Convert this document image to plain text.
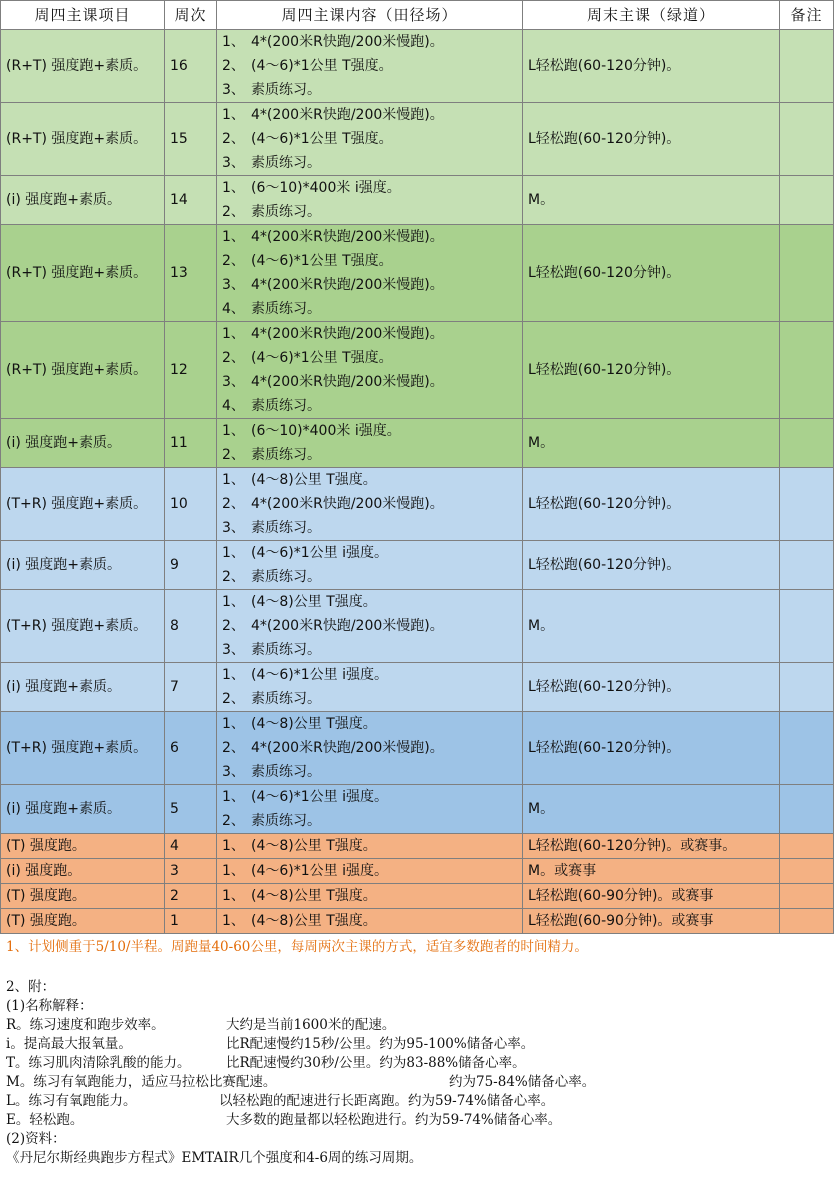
周四主课项目	周次	周四主课内容（田径场）	周末主课（绿道）	备注
(R+T) 强度跑+素质。	16	1、 4*(200米R快跑/200米慢跑)。
2、 (4～6)*1公里 T强度。
3、 素质练习。	L轻松跑(60-120分钟)。	
(R+T) 强度跑+素质。	15	1、 4*(200米R快跑/200米慢跑)。
2、 (4～6)*1公里 T强度。
3、 素质练习。	L轻松跑(60-120分钟)。	
(i) 强度跑+素质。	14	1、 (6～10)*400米 i强度。
2、 素质练习。	M。	
(R+T) 强度跑+素质。	13	1、 4*(200米R快跑/200米慢跑)。
2、 (4～6)*1公里 T强度。
3、 4*(200米R快跑/200米慢跑)。
4、 素质练习。	L轻松跑(60-120分钟)。	
(R+T) 强度跑+素质。	12	1、 4*(200米R快跑/200米慢跑)。
2、 (4～6)*1公里 T强度。
3、 4*(200米R快跑/200米慢跑)。
4、 素质练习。	L轻松跑(60-120分钟)。	
(i) 强度跑+素质。	11	1、 (6～10)*400米 i强度。
2、 素质练习。	M。	
(T+R) 强度跑+素质。	10	1、 (4～8)公里 T强度。
2、 4*(200米R快跑/200米慢跑)。
3、 素质练习。	L轻松跑(60-120分钟)。	
(i) 强度跑+素质。	9	1、 (4～6)*1公里 i强度。
2、 素质练习。	L轻松跑(60-120分钟)。	
(T+R) 强度跑+素质。	8	1、 (4～8)公里 T强度。
2、 4*(200米R快跑/200米慢跑)。
3、 素质练习。	M。	
(i) 强度跑+素质。	7	1、 (4～6)*1公里 i强度。
2、 素质练习。	L轻松跑(60-120分钟)。	
(T+R) 强度跑+素质。	6	1、 (4～8)公里 T强度。
2、 4*(200米R快跑/200米慢跑)。
3、 素质练习。	L轻松跑(60-120分钟)。	
(i) 强度跑+素质。	5	1、 (4～6)*1公里 i强度。
2、 素质练习。	M。	
(T) 强度跑。	4	1、 (4～8)公里 T强度。	L轻松跑(60-120分钟)。或赛事。	
(i) 强度跑。	3	1、 (4～6)*1公里 i强度。	M。或赛事	
(T) 强度跑。	2	1、 (4～8)公里 T强度。	L轻松跑(60-90分钟)。或赛事	
(T) 强度跑。	1	1、 (4～8)公里 T强度。	L轻松跑(60-90分钟)。或赛事	
1、计划侧重于5/10/半程。周跑量40-60公里，每周两次主课的方式，适宜多数跑者的时间精力。
2、附：
(1)名称解释：
R。练习速度和跑步效率。	大约是当前1600米的配速。
i。提高最大报氧量。	比R配速慢约15秒/公里。约为95-100%储备心率。
T。练习肌肉清除乳酸的能力。	比R配速慢约30秒/公里。约为83-88%储备心率。
M。练习有氧跑能力，适应马拉松比赛配速。	约为75-84%储备心率。
L。练习有氧跑能力。	以轻松跑的配速进行长距离跑。约为59-74%储备心率。
E。轻松跑。	大多数的跑量都以轻松跑进行。约为59-74%储备心率。
(2)资料：
《丹尼尔斯经典跑步方程式》EMTAIR几个强度和4-6周的练习周期。
